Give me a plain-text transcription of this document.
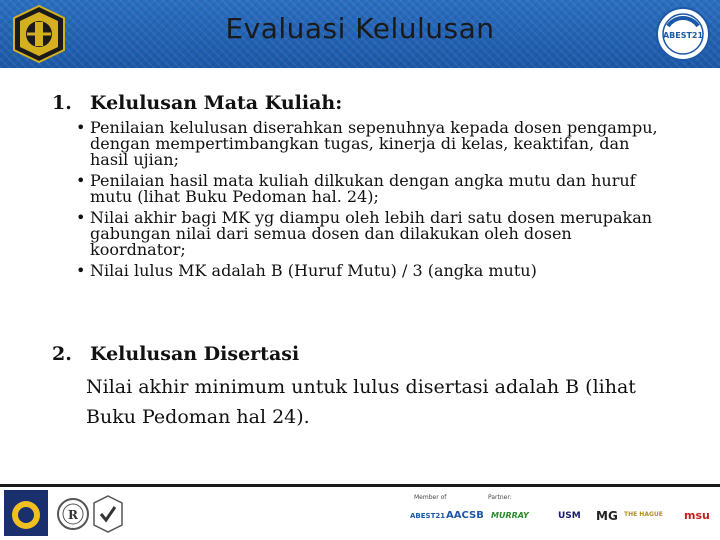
Evaluasi Kelulusan	ABEST21
1. Kelulusan Mata Kuliah:
• Penilaian kelulusan diserahkan sepenuhnya kepada dosen pengampu, dengan mempertimbangkan tugas, kinerja di kelas, keaktifan, dan hasil ujian;
• Penilaian hasil mata kuliah dilkukan dengan angka mutu dan huruf mutu (lihat Buku Pedoman hal. 24);
• Nilai akhir bagi MK yg diampu oleh lebih dari satu dosen merupakan gabungan nilai dari semua dosen dan dilakukan oleh dosen koordnator;
• Nilai lulus MK adalah B (Huruf Mutu) / 3 (angka mutu)
2. Kelulusan Disertasi
Nilai akhir minimum untuk lulus disertasi adalah B (lihat Buku Pedoman hal 24).
R
Member of	Partner:
ABEST21 AACSB MURRAY	USM MG THE HAGUE msu
